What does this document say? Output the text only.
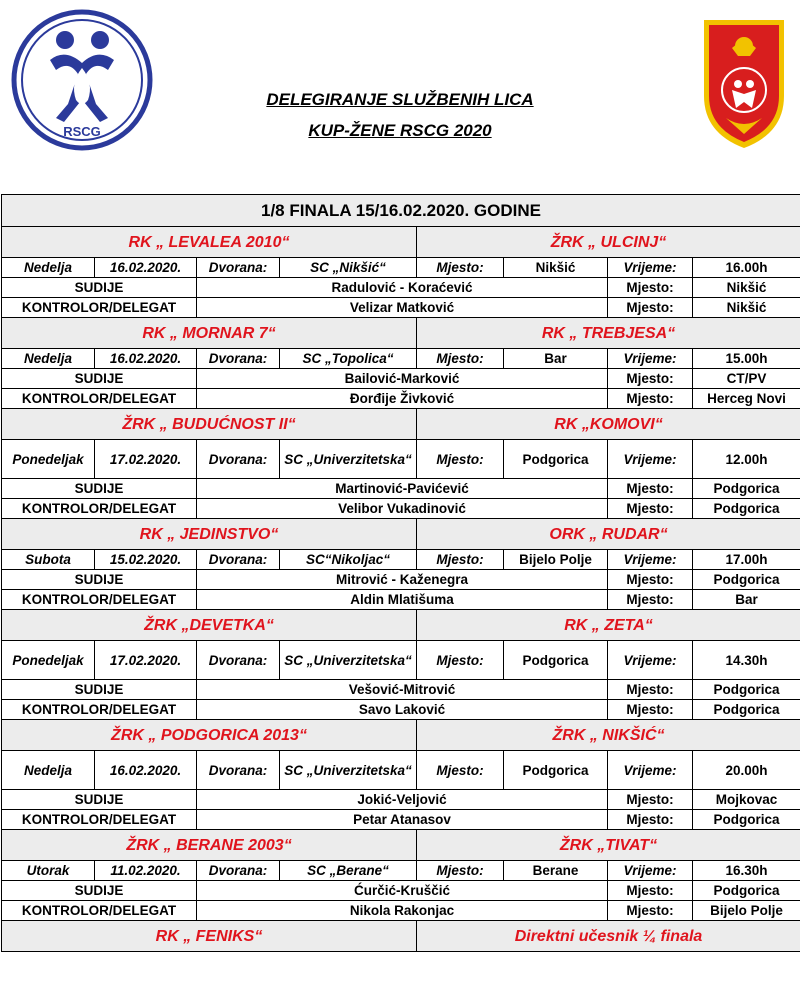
RSCG
DELEGIRANJE SLUŽBENIH LICA
KUP-ŽENE RSCG 2020
1/8 FINALA 15/16.02.2020. GODINE							
RK „ LEVALEA 2010“				ŽRK „ ULCINJ“			
Nedelja	16.02.2020.	Dvorana:	SC „Nikšić“	Mjesto:	Nikšić	Vrijeme:	16.00h
SUDIJE		Radulović - Koraćević				Mjesto:	Nikšić
KONTROLOR/DELEGAT		Velizar Matković				Mjesto:	Nikšić
RK „ MORNAR 7“				RK „ TREBJESA“			
Nedelja	16.02.2020.	Dvorana:	SC „Topolica“	Mjesto:	Bar	Vrijeme:	15.00h
SUDIJE		Bailović-Marković				Mjesto:	CT/PV
KONTROLOR/DELEGAT		Đorđije Živković				Mjesto:	Herceg Novi
ŽRK „ BUDUĆNOST II“				RK „KOMOVI“			
Ponedeljak	17.02.2020.	Dvorana:	SC „Univerzitetska“	Mjesto:	Podgorica	Vrijeme:	12.00h
SUDIJE		Martinović-Pavićević				Mjesto:	Podgorica
KONTROLOR/DELEGAT		Velibor Vukadinović				Mjesto:	Podgorica
RK „ JEDINSTVO“				ORK „ RUDAR“			
Subota	15.02.2020.	Dvorana:	SC“Nikoljac“	Mjesto:	Bijelo Polje	Vrijeme:	17.00h
SUDIJE		Mitrović - Kaženegra				Mjesto:	Podgorica
KONTROLOR/DELEGAT		Aldin Mlatišuma				Mjesto:	Bar
ŽRK „DEVETKA“				RK „ ZETA“			
Ponedeljak	17.02.2020.	Dvorana:	SC „Univerzitetska“	Mjesto:	Podgorica	Vrijeme:	14.30h
SUDIJE		Vešović-Mitrović				Mjesto:	Podgorica
KONTROLOR/DELEGAT		Savo Laković				Mjesto:	Podgorica
ŽRK „ PODGORICA 2013“				ŽRK „ NIKŠIĆ“			
Nedelja	16.02.2020.	Dvorana:	SC „Univerzitetska“	Mjesto:	Podgorica	Vrijeme:	20.00h
SUDIJE		Jokić-Veljović				Mjesto:	Mojkovac
KONTROLOR/DELEGAT		Petar Atanasov				Mjesto:	Podgorica
ŽRK „ BERANE 2003“				ŽRK „TIVAT“			
Utorak	11.02.2020.	Dvorana:	SC „Berane“	Mjesto:	Berane	Vrijeme:	16.30h
SUDIJE		Ćurčić-Kruščić				Mjesto:	Podgorica
KONTROLOR/DELEGAT		Nikola Rakonjac				Mjesto:	Bijelo Polje
RK „ FENIKS“				Direktni učesnik ¼ finala			
